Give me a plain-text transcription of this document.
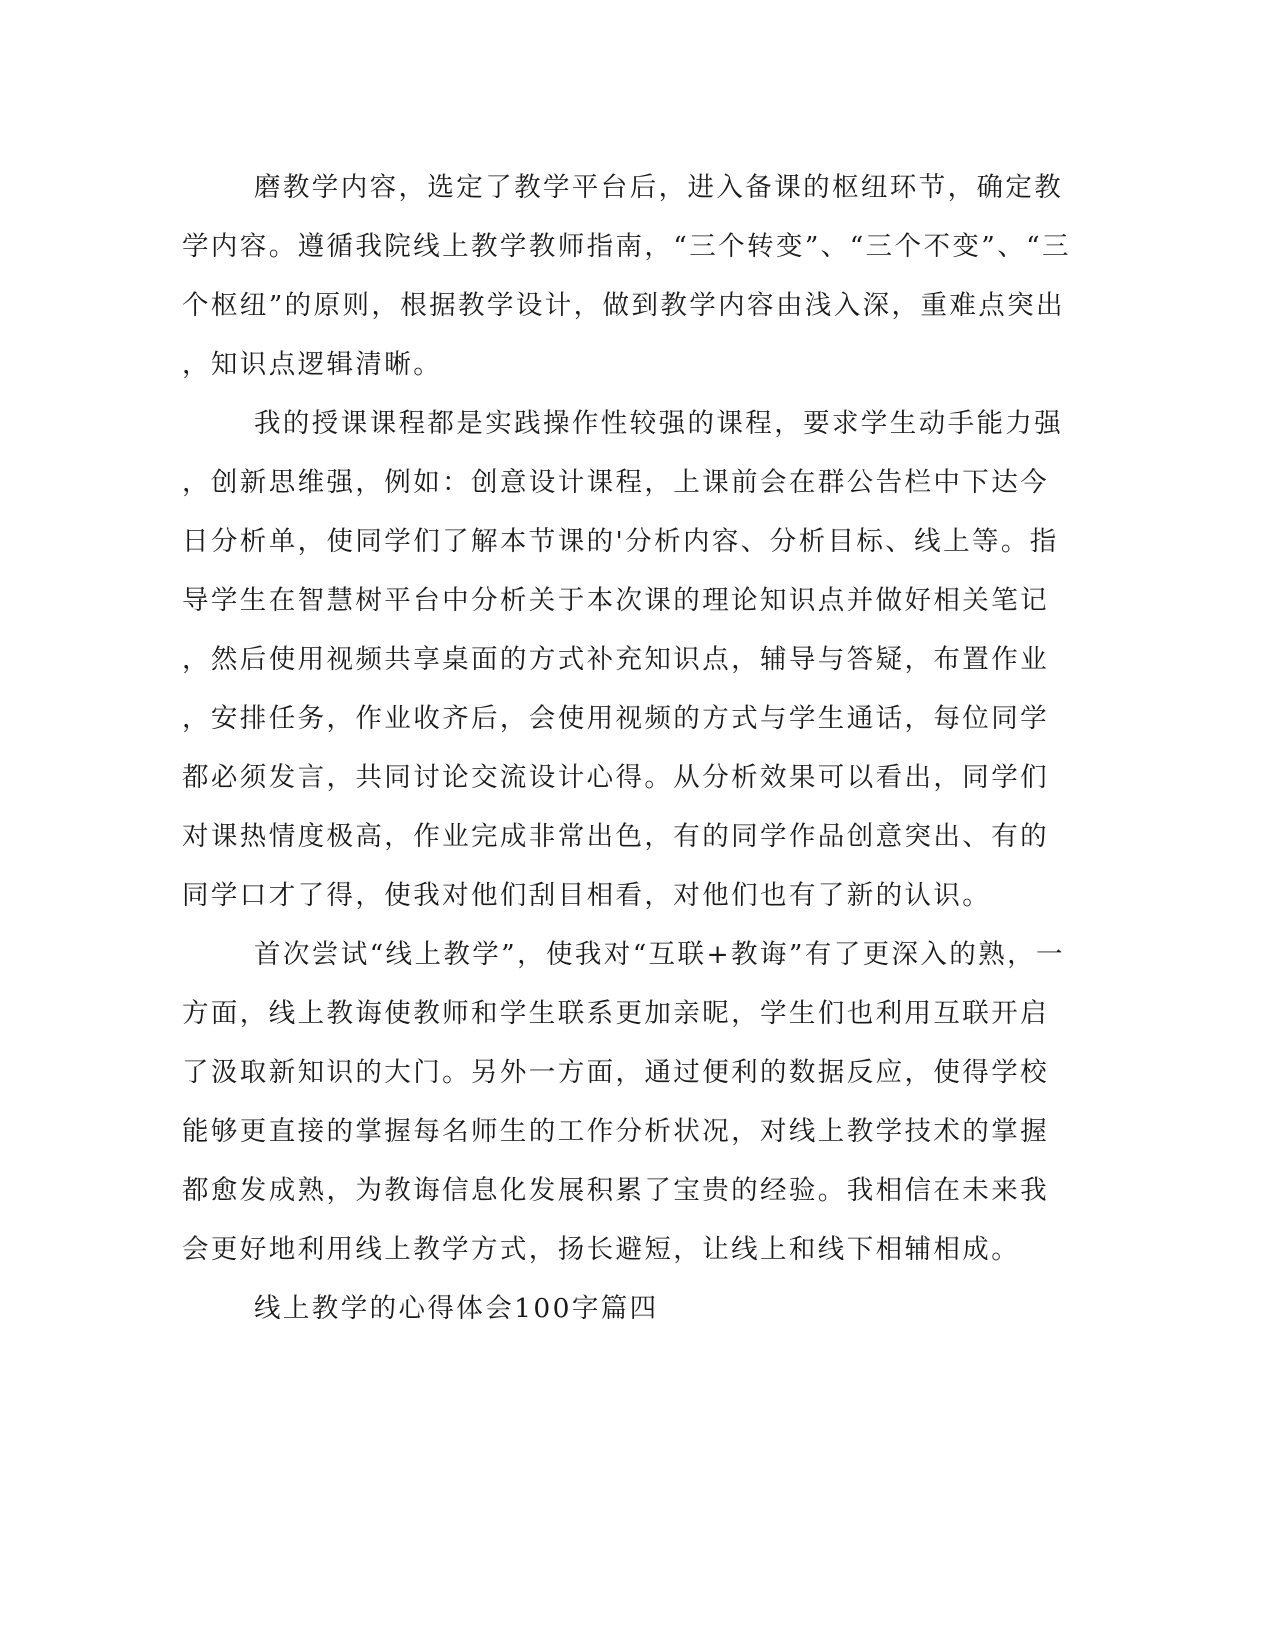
磨教学内容，选定了教学平台后，进入备课的枢纽环节，确定教
学内容。遵循我院线上教学教师指南，“三个转变”、“三个不变”、“三
个枢纽”的原则，根据教学设计，做到教学内容由浅入深，重难点突出
，知识点逻辑清晰。
我的授课课程都是实践操作性较强的课程，要求学生动手能力强
，创新思维强，例如：创意设计课程，上课前会在群公告栏中下达今
日分析单，使同学们了解本节课的'分析内容、分析目标、线上等。指
导学生在智慧树平台中分析关于本次课的理论知识点并做好相关笔记
，然后使用视频共享桌面的方式补充知识点，辅导与答疑，布置作业
，安排任务，作业收齐后，会使用视频的方式与学生通话，每位同学
都必须发言，共同讨论交流设计心得。从分析效果可以看出，同学们
对课热情度极高，作业完成非常出色，有的同学作品创意突出、有的
同学口才了得，使我对他们刮目相看，对他们也有了新的认识。
首次尝试“线上教学”，使我对“互联+教诲”有了更深入的熟，一
方面，线上教诲使教师和学生联系更加亲昵，学生们也利用互联开启
了汲取新知识的大门。另外一方面，通过便利的数据反应，使得学校
能够更直接的掌握每名师生的工作分析状况，对线上教学技术的掌握
都愈发成熟，为教诲信息化发展积累了宝贵的经验。我相信在未来我
会更好地利用线上教学方式，扬长避短，让线上和线下相辅相成。
线上教学的心得体会100字篇四
